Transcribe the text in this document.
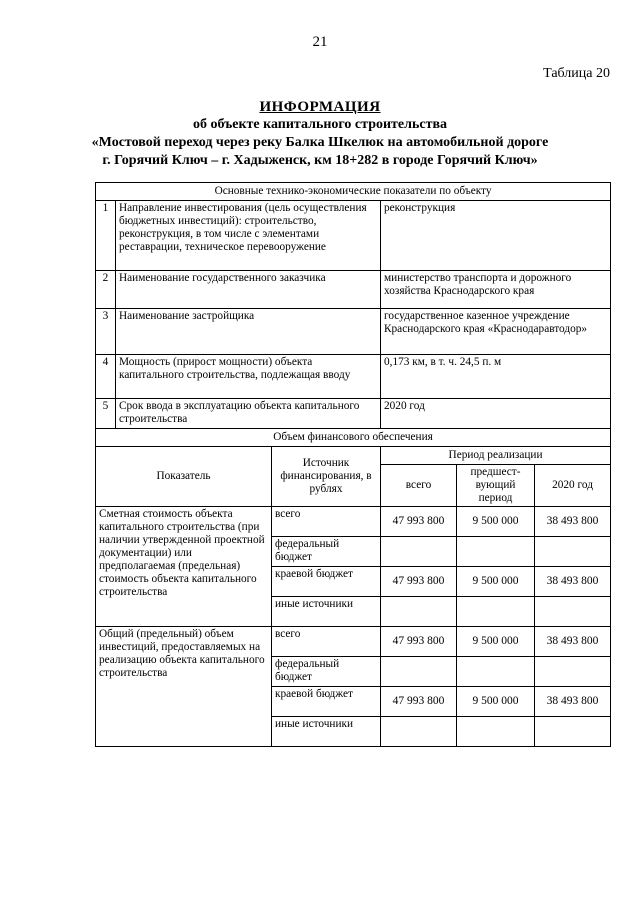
21
Таблица 20
ИНФОРМАЦИЯ
об объекте капитального строительства
«Мостовой переход через реку Балка Шкелюк на автомобильной дороге
г. Горячий Ключ – г. Хадыженск, км 18+282 в городе Горячий Ключ»
Основные технико-экономические показатели по объекту					
1	Направление инвестирования (цель осуществления бюджетных инвестиций): строительство, реконструкция, в том числе с элементами реставрации, техническое перевооружение		реконструкция		
2	Наименование государственного заказчика		министерство транспорта и дорожного хозяйства Краснодарского края		
3	Наименование застройщика		государственное казенное учреждение Краснодарского края «Краснодаравтодор»		
4	Мощность (прирост мощности) объекта капитального строительства, подлежащая вводу		0,173 км, в т. ч. 24,5 п. м		
5	Срок ввода в эксплуатацию объекта капитального строительства		2020 год		
Объем финансового обеспечения					
Показатель		Источник финансирования, в рублях	Период реализации		
			всего	предшест-вующий период	2020 год
Сметная стоимость объекта капитального строительства (при наличии утвержденной проектной документации) или предполагаемая (предельная) стоимость объекта капитального строительства		всего	47 993 800	9 500 000	38 493 800
		федеральный бюджет			
		краевой бюджет	47 993 800	9 500 000	38 493 800
		иные источники			
Общий (предельный) объем инвестиций, предоставляемых на реализацию объекта капитального строительства		всего	47 993 800	9 500 000	38 493 800
		федеральный бюджет			
		краевой бюджет	47 993 800	9 500 000	38 493 800
		иные источники			
